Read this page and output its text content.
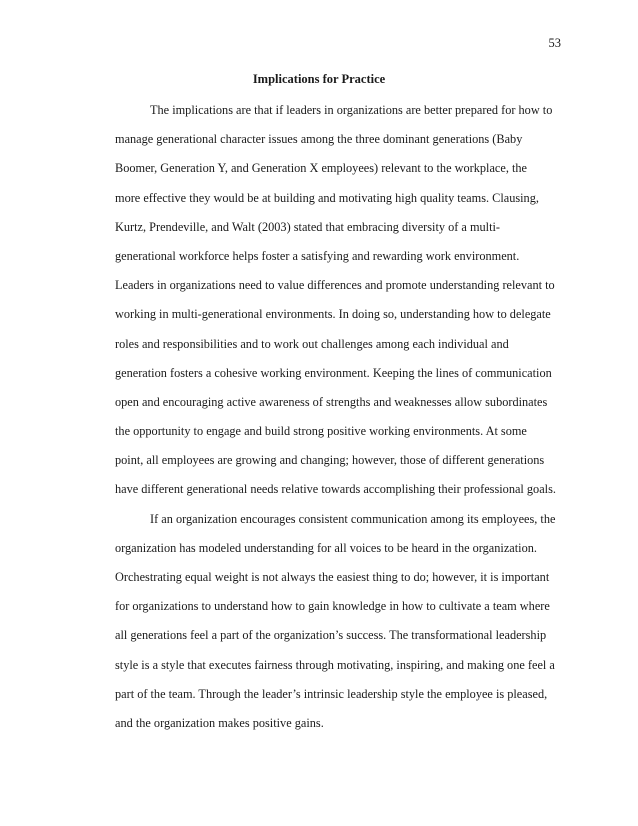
53
Implications for Practice
The implications are that if leaders in organizations are better prepared for how to
manage generational character issues among the three dominant generations (Baby
Boomer, Generation Y, and Generation X employees) relevant to the workplace, the
more effective they would be at building and motivating high quality teams. Clausing,
Kurtz, Prendeville, and Walt (2003) stated that embracing diversity of a multi-
generational workforce helps foster a satisfying and rewarding work environment.
Leaders in organizations need to value differences and promote understanding relevant to
working in multi-generational environments. In doing so, understanding how to delegate
roles and responsibilities and to work out challenges among each individual and
generation fosters a cohesive working environment. Keeping the lines of communication
open and encouraging active awareness of strengths and weaknesses allow subordinates
the opportunity to engage and build strong positive working environments. At some
point, all employees are growing and changing; however, those of different generations
have different generational needs relative towards accomplishing their professional goals.
If an organization encourages consistent communication among its employees, the
organization has modeled understanding for all voices to be heard in the organization.
Orchestrating equal weight is not always the easiest thing to do; however, it is important
for organizations to understand how to gain knowledge in how to cultivate a team where
all generations feel a part of the organization’s success. The transformational leadership
style is a style that executes fairness through motivating, inspiring, and making one feel a
part of the team. Through the leader’s intrinsic leadership style the employee is pleased,
and the organization makes positive gains.
